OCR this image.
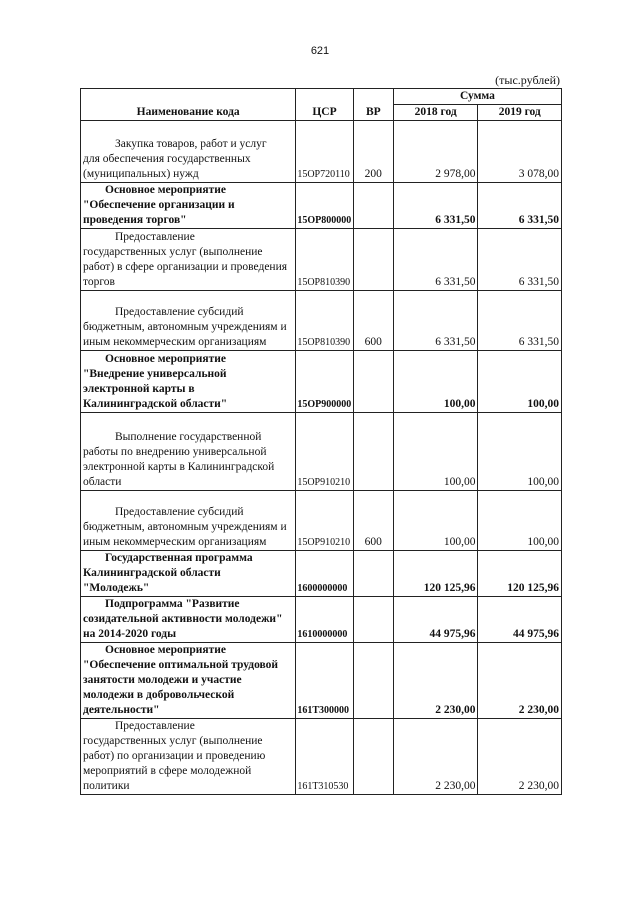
621
(тыс.рублей)
Наименование кода	ЦСР	ВР	Сумма	
			2018 год	2019 год

Закупка товаров, работ и услуг
для обеспечения государственных
(муниципальных) нужд	15OP720110	200	2 978,00	3 078,00

Основное мероприятие
"Обеспечение организации и
проведения торгов"	15OP800000		6 331,50	6 331,50

Предоставление
государственных услуг (выполнение
работ) в сфере организации и проведения
торгов	15OP810390		6 331,50	6 331,50

Предоставление субсидий
бюджетным, автономным учреждениям и
иным некоммерческим организациям	15OP810390	600	6 331,50	6 331,50

Основное мероприятие
"Внедрение универсальной
электронной карты в
Калининградской области"	15OP900000		100,00	100,00

Выполнение государственной
работы по внедрению универсальной
электронной карты в Калининградской
области	15OP910210		100,00	100,00

Предоставление субсидий
бюджетным, автономным учреждениям и
иным некоммерческим организациям	15OP910210	600	100,00	100,00

Государственная программа
Калининградской области
"Молодежь"	1600000000		120 125,96	120 125,96

Подпрограмма "Развитие
созидательной активности молодежи"
на 2014-2020 годы	1610000000		44 975,96	44 975,96

Основное мероприятие
"Обеспечение оптимальной трудовой
занятости молодежи и участие
молодежи в добровольческой
деятельности"	161T300000		2 230,00	2 230,00

Предоставление
государственных услуг (выполнение
работ) по организации и проведению
мероприятий в сфере молодежной
политики	161T310530		2 230,00	2 230,00
